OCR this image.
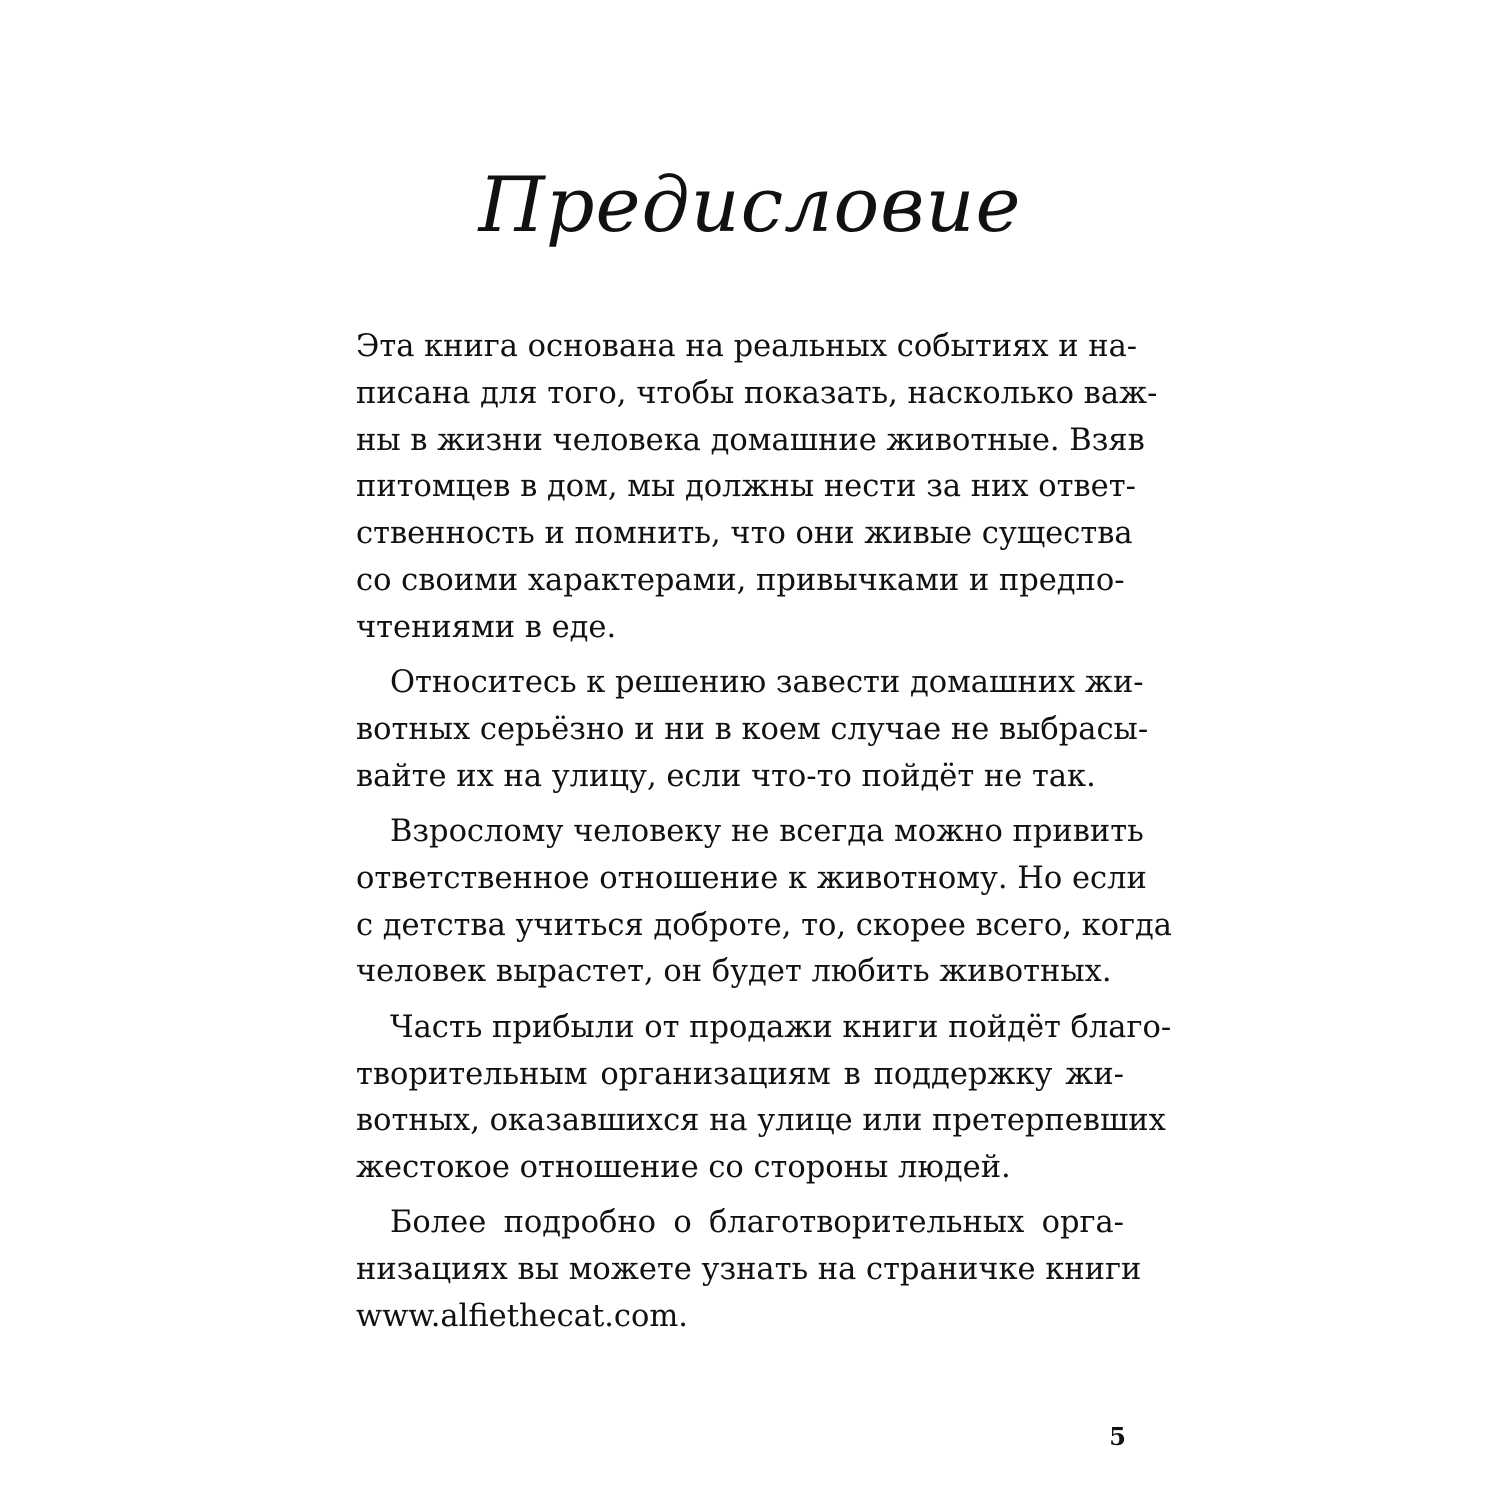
Предисловие
Эта книга основана на реальных событиях и на-
писана для того, чтобы показать, насколько важ-
ны в жизни человека домашние животные. Взяв
питомцев в дом, мы должны нести за них ответ-
ственность и помнить, что они живые существа
со своими характерами, привычками и предпо-
чтениями в еде.
Относитесь к решению завести домашних жи-
вотных серьёзно и ни в коем случае не выбрасы-
вайте их на улицу, если что-то пойдёт не так.
Взрослому человеку не всегда можно привить
ответственное отношение к животному. Но если
с детства учиться доброте, то, скорее всего, когда
человек вырастет, он будет любить животных.
Часть прибыли от продажи книги пойдёт благо-
творительным организациям в поддержку жи-
вотных, оказавшихся на улице или претерпевших
жестокое отношение со стороны людей.
Более подробно о благотворительных орга-
низациях вы можете узнать на страничке книги
www.alfiethecat.com.
5
